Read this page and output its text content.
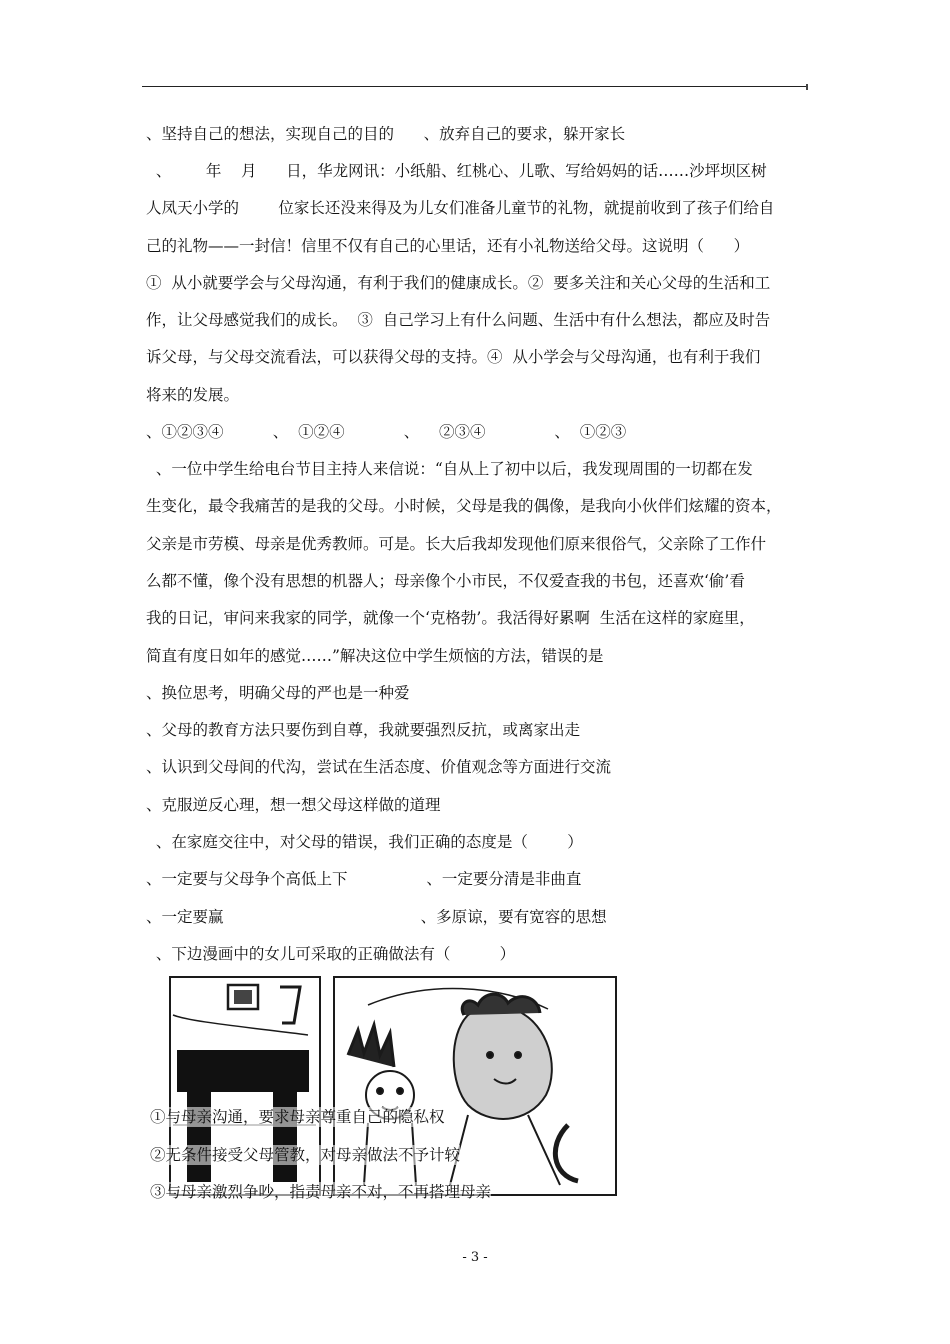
、坚持自己的想法，实现自己的目的      、放弃自己的要求，躲开家长
、       年    月      日，华龙网讯：小纸船、红桃心、儿歌、写给妈妈的话……沙坪坝区树
人凤天小学的        位家长还没来得及为儿女们准备儿童节的礼物，就提前收到了孩子们给自
己的礼物——一封信！信里不仅有自己的心里话，还有小礼物送给父母。这说明（      ）
①  从小就要学会与父母沟通，有利于我们的健康成长。②  要多关注和关心父母的生活和工
作，让父母感觉我们的成长。  ③  自己学习上有什么问题、生活中有什么想法，都应及时告
诉父母，与父母交流看法，可以获得父母的支持。④  从小学会与父母沟通，也有利于我们
将来的发展。
、①②③④          、  ①②④            、    ②③④              、  ①②③
、一位中学生给电台节目主持人来信说：“自从上了初中以后，我发现周围的一切都在发
生变化，最令我痛苦的是我的父母。小时候，父母是我的偶像，是我向小伙伴们炫耀的资本，
父亲是市劳模、母亲是优秀教师。可是。长大后我却发现他们原来很俗气，父亲除了工作什
么都不懂，像个没有思想的机器人；母亲像个小市民，不仅爱查我的书包，还喜欢‘偷’看
我的日记，审问来我家的同学，就像一个‘克格勃’。我活得好累啊  生活在这样的家庭里，
简直有度日如年的感觉……”解决这位中学生烦恼的方法，错误的是
、换位思考，明确父母的严也是一种爱
、父母的教育方法只要伤到自尊，我就要强烈反抗，或离家出走
、认识到父母间的代沟，尝试在生活态度、价值观念等方面进行交流
、克服逆反心理，想一想父母这样做的道理
、在家庭交往中，对父母的错误，我们正确的态度是（        ）
、一定要与父母争个高低上下                、一定要分清是非曲直
、一定要赢                                        、多原谅，要有宽容的思想
、下边漫画中的女儿可采取的正确做法有（          ）
①与母亲沟通，要求母亲尊重自己的隐私权
②无条件接受父母管教，对母亲做法不予计较
③与母亲激烈争吵，指责母亲不对，不再搭理母亲
- 3 -
